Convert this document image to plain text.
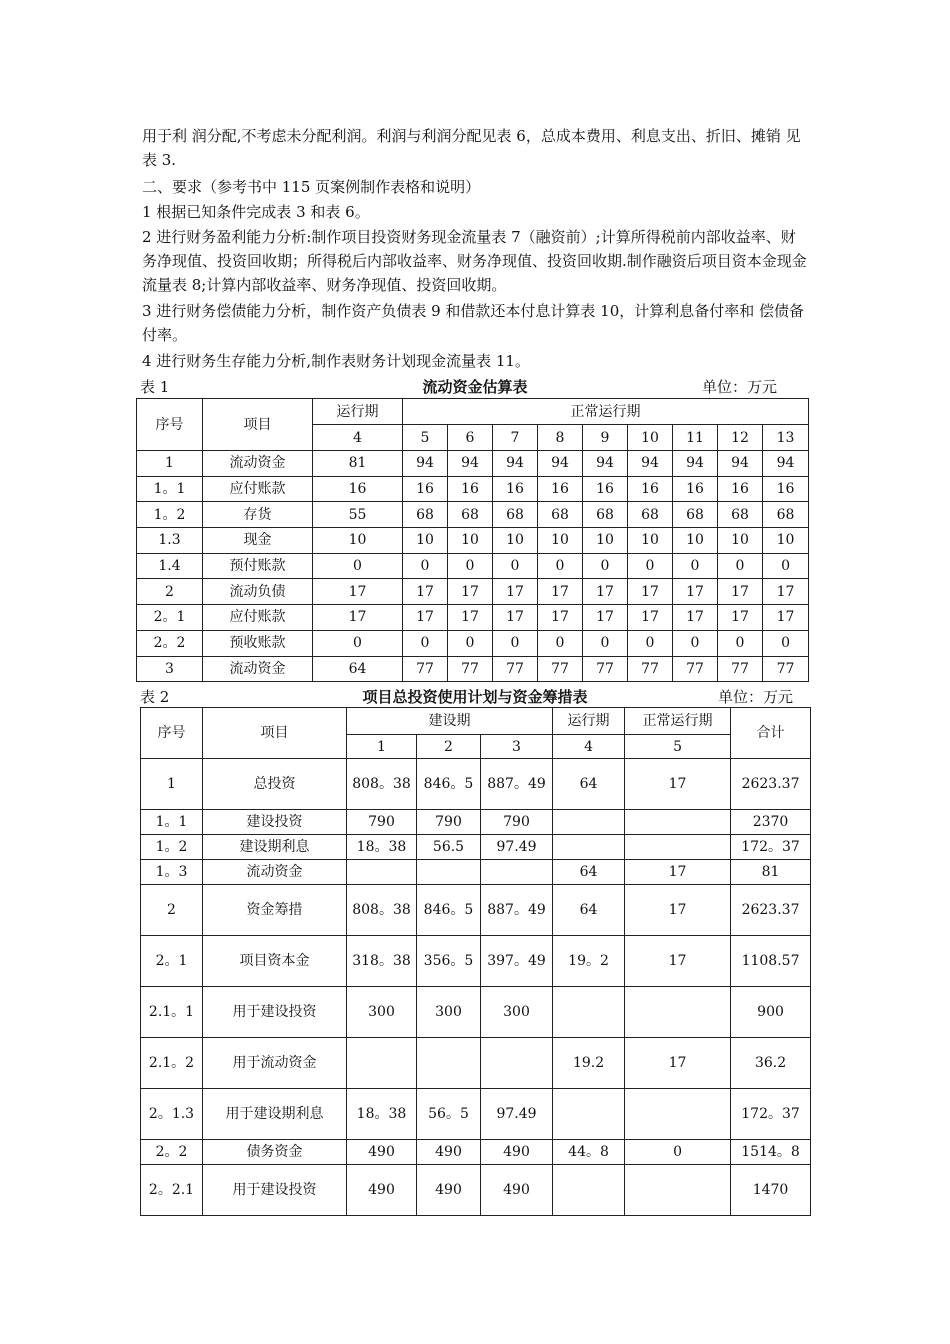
用于利 润分配,不考虑未分配利润。利润与利润分配见表 6，总成本费用、利息支出、折旧、摊销 见表 3.

二、要求（参考书中 115 页案例制作表格和说明）

1 根据已知条件完成表 3 和表 6。

2 进行财务盈利能力分析:制作项目投资财务现金流量表 7（融资前）;计算所得税前内部收益率、财务净现值、投资回收期；所得税后内部收益率、财务净现值、投资回收期.制作融资后项目资本金现金流量表 8;计算内部收益率、财务净现值、投资回收期。

3 进行财务偿债能力分析，制作资产负债表 9 和借款还本付息计算表 10，计算利息备付率和 偿债备付率。

4 进行财务生存能力分析,制作表财务计划现金流量表 11。

表 1	流动资金估算表	单位：万元
序号	项目	运行期	正常运行期								
		4	5	6	7	8	9	10	11	12	13
1	流动资金	81	94	94	94	94	94	94	94	94	94
1。1	应付账款	16	16	16	16	16	16	16	16	16	16
1。2	存货	55	68	68	68	68	68	68	68	68	68
1.3	现金	10	10	10	10	10	10	10	10	10	10
1.4	预付账款	0	0	0	0	0	0	0	0	0	0
2	流动负债	17	17	17	17	17	17	17	17	17	17
2。1	应付账款	17	17	17	17	17	17	17	17	17	17
2。2	预收账款	0	0	0	0	0	0	0	0	0	0
3	流动资金	64	77	77	77	77	77	77	77	77	77
表 2	项目总投资使用计划与资金筹措表	单位：万元
序号	项目	建设期			运行期	正常运行期	合计
		1	2	3	4	5	
1	总投资	808。38	846。5	887。49	64	17	2623.37
1。1	建设投资	790	790	790			2370
1。2	建设期利息	18。38	56.5	97.49			172。37
1。3	流动资金				64	17	81
2	资金筹措	808。38	846。5	887。49	64	17	2623.37
2。1	项目资本金	318。38	356。5	397。49	19。2	17	1108.57
2.1。1	用于建设投资	300	300	300			900
2.1。2	用于流动资金				19.2	17	36.2
2。1.3	用于建设期利息	18。38	56。5	97.49			172。37
2。2	债务资金	490	490	490	44。8	0	1514。8
2。2.1	用于建设投资	490	490	490			1470
